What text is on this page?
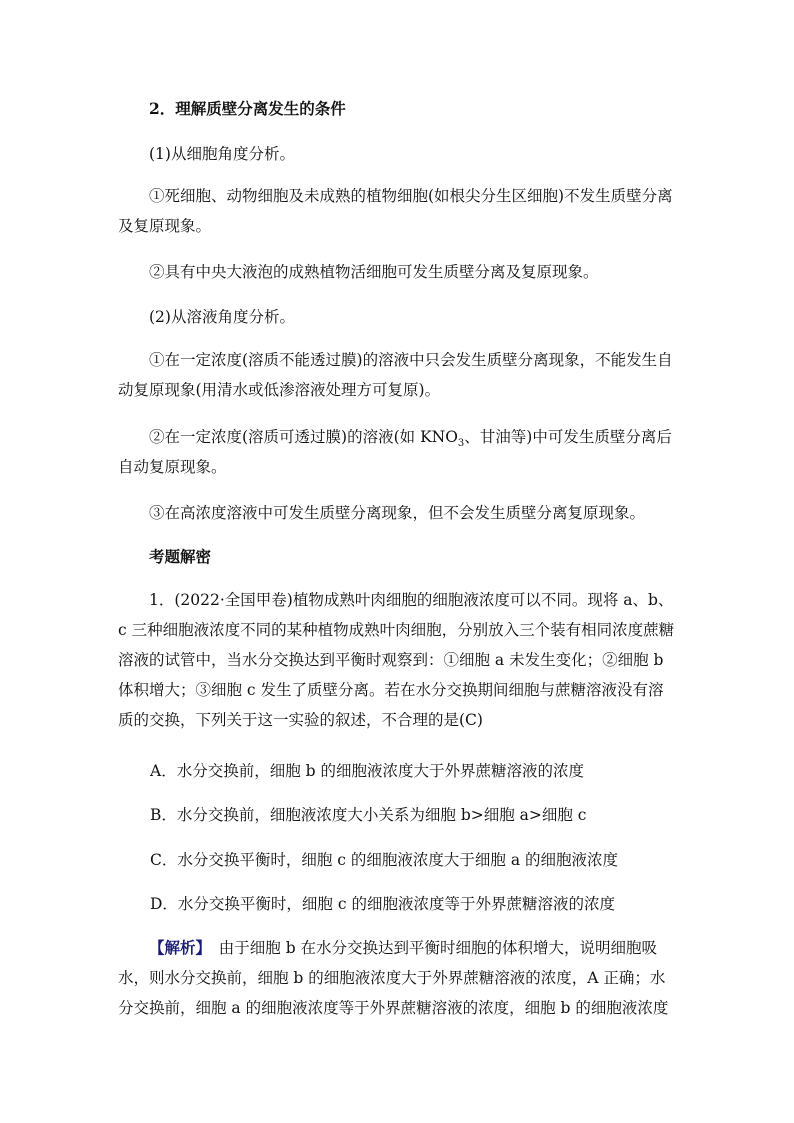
2．理解质壁分离发生的条件

(1)从细胞角度分析。

①死细胞、动物细胞及未成熟的植物细胞(如根尖分生区细胞)不发生质壁分离及复原现象。

②具有中央大液泡的成熟植物活细胞可发生质壁分离及复原现象。

(2)从溶液角度分析。

①在一定浓度(溶质不能透过膜)的溶液中只会发生质壁分离现象，不能发生自动复原现象(用清水或低渗溶液处理方可复原)。

②在一定浓度(溶质可透过膜)的溶液(如 $KNO_3$、甘油等)中可发生质壁分离后自动复原现象。

③在高浓度溶液中可发生质壁分离现象，但不会发生质壁分离复原现象。

考题解密

1．(2022·全国甲卷)植物成熟叶肉细胞的细胞液浓度可以不同。现将 a、b、c 三种细胞液浓度不同的某种植物成熟叶肉细胞，分别放入三个装有相同浓度蔗糖溶液的试管中，当水分交换达到平衡时观察到：①细胞 a 未发生变化；②细胞 b 体积增大；③细胞 c 发生了质壁分离。若在水分交换期间细胞与蔗糖溶液没有溶质的交换，下列关于这一实验的叙述，不合理的是(C)

A．水分交换前，细胞 b 的细胞液浓度大于外界蔗糖溶液的浓度

B．水分交换前，细胞液浓度大小关系为细胞 b>细胞 a>细胞 c

C．水分交换平衡时，细胞 c 的细胞液浓度大于细胞 a 的细胞液浓度

D．水分交换平衡时，细胞 c 的细胞液浓度等于外界蔗糖溶液的浓度

【解析】　由于细胞 b 在水分交换达到平衡时细胞的体积增大，说明细胞吸水，则水分交换前，细胞 b 的细胞液浓度大于外界蔗糖溶液的浓度，A 正确；水分交换前，细胞 a 的细胞液浓度等于外界蔗糖溶液的浓度，细胞 b 的细胞液浓度
